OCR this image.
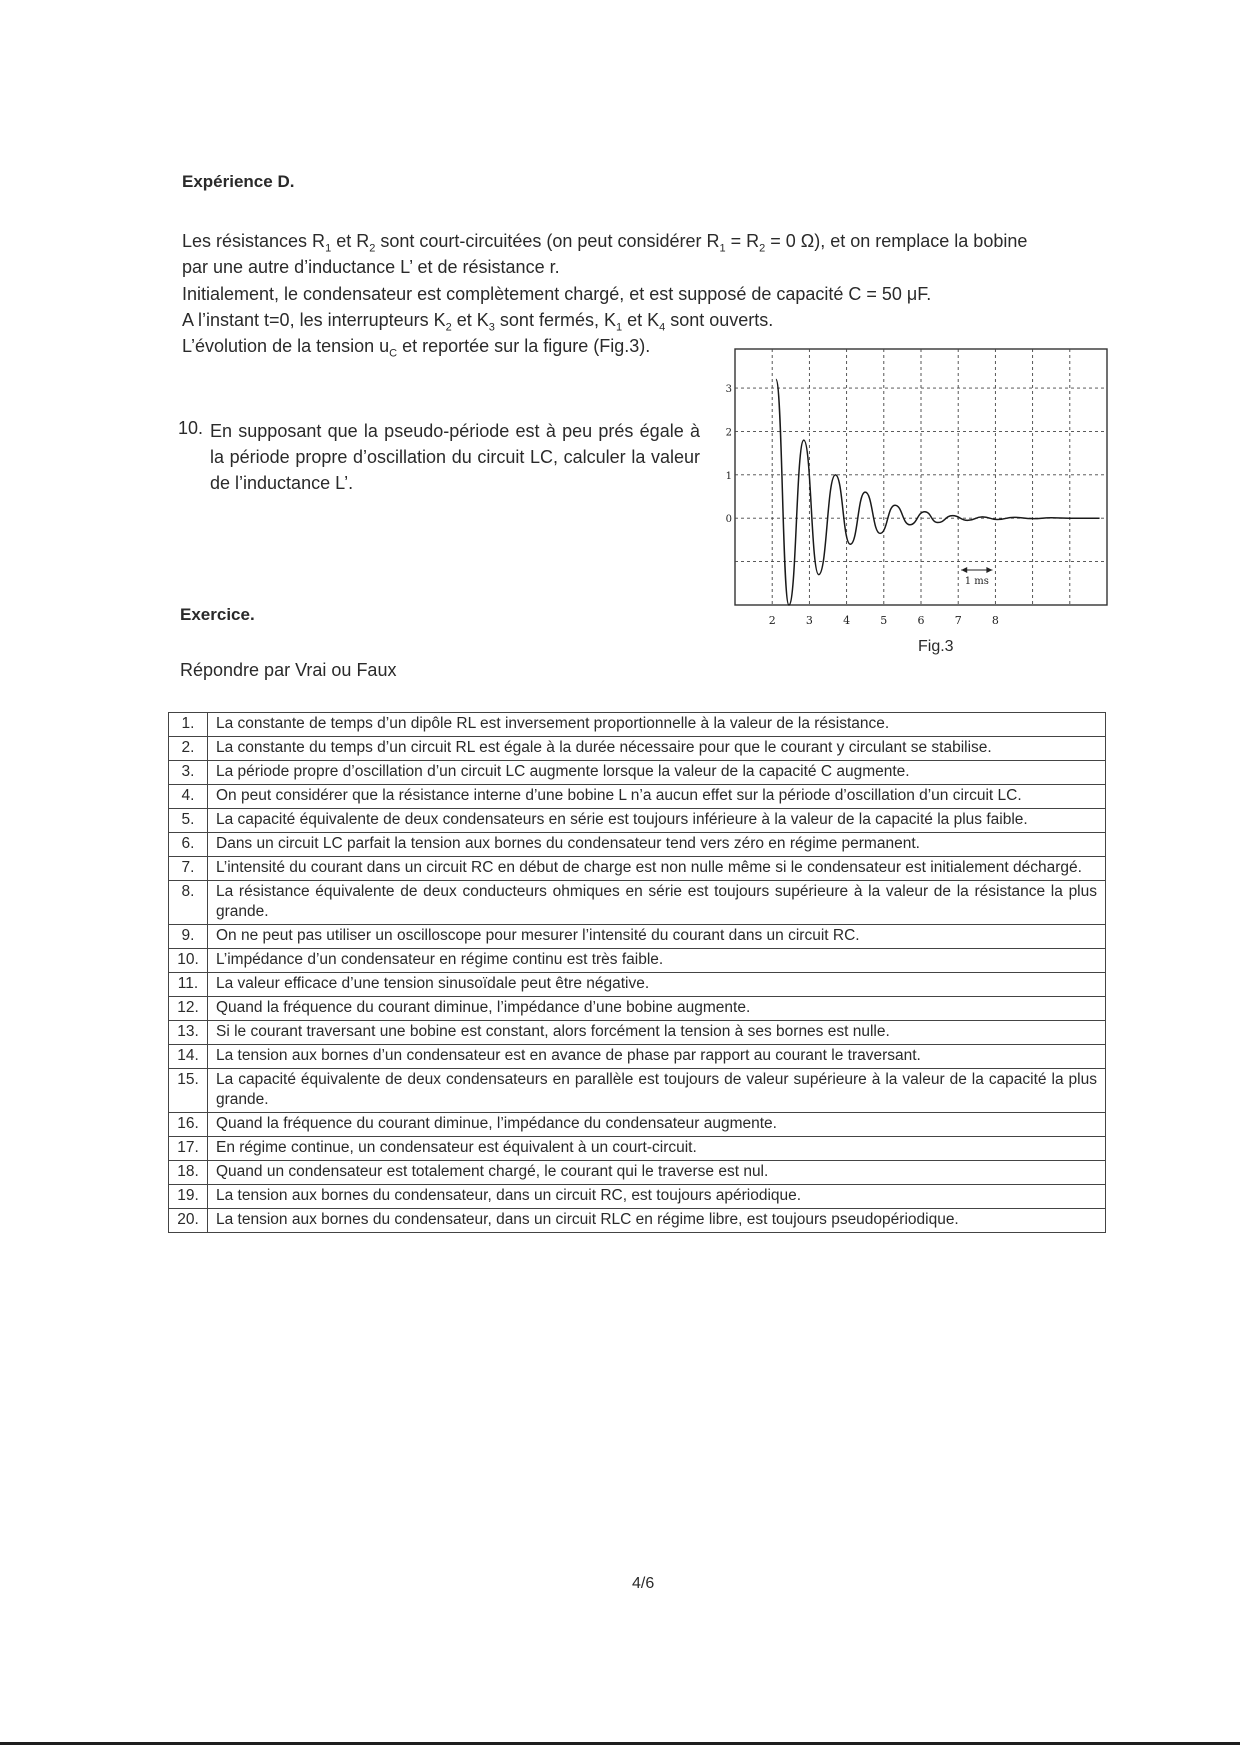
Expérience D.
Les résistances $R_1$ et $R_2$ sont court-circuitées (on peut considérer $R_1 = R_2 = 0$ Ω), et on remplace la bobine
par une autre d’inductance L’ et de résistance r.
Initialement, le condensateur est complètement chargé, et est supposé de capacité C = 50 μF.
A l’instant t=0, les interrupteurs $K_2$ et $K_3$ sont fermés, $K_1$ et $K_4$ sont ouverts.
L’évolution de la tension $u_C$ et reportée sur la figure (Fig.3).
10. En supposant que la pseudo-période est à peu prés égale à la période propre d’oscillation du circuit LC, calculer la valeur de l’inductance L’.
2	3	4	5	6	7	8
3
2
1
0
1 ms
Fig.3
Exercice.
Répondre par Vrai ou Faux
1.	La constante de temps d’un dipôle RL est inversement proportionnelle à la valeur de la résistance.
2.	La constante du temps d’un circuit RL est égale à la durée nécessaire pour que le courant y circulant se stabilise.
3.	La période propre d’oscillation d’un circuit LC augmente lorsque la valeur de la capacité C augmente.
4.	On peut considérer que la résistance interne d’une bobine L n’a aucun effet sur la période d’oscillation d’un circuit LC.
5.	La capacité équivalente de deux condensateurs en série est toujours inférieure à la valeur de la capacité la plus faible.
6.	Dans un circuit LC parfait la tension aux bornes du condensateur tend vers zéro en régime permanent.
7.	L’intensité du courant dans un circuit RC en début de charge est non nulle même si le condensateur est initialement déchargé.
8.	La résistance équivalente de deux conducteurs ohmiques en série est toujours supérieure à la valeur de la résistance la plus grande.
9.	On ne peut pas utiliser un oscilloscope pour mesurer l’intensité du courant dans un circuit RC.
10.	L’impédance d’un condensateur en régime continu est très faible.
11.	La valeur efficace d’une tension sinusoïdale peut être négative.
12.	Quand la fréquence du courant diminue, l’impédance d’une bobine augmente.
13.	Si le courant traversant une bobine est constant, alors forcément la tension à ses bornes est nulle.
14.	La tension aux bornes d’un condensateur est en avance de phase par rapport au courant le traversant.
15.	La capacité équivalente de deux condensateurs en parallèle est toujours de valeur supérieure à la valeur de la capacité la plus grande.
16.	Quand la fréquence du courant diminue, l’impédance du condensateur augmente.
17.	En régime continue, un condensateur est équivalent à un court-circuit.
18.	Quand un condensateur est totalement chargé, le courant qui le traverse est nul.
19.	La tension aux bornes du condensateur, dans un circuit RC, est toujours apériodique.
20.	La tension aux bornes du condensateur, dans un circuit RLC en régime libre, est toujours pseudopériodique.
4/6
